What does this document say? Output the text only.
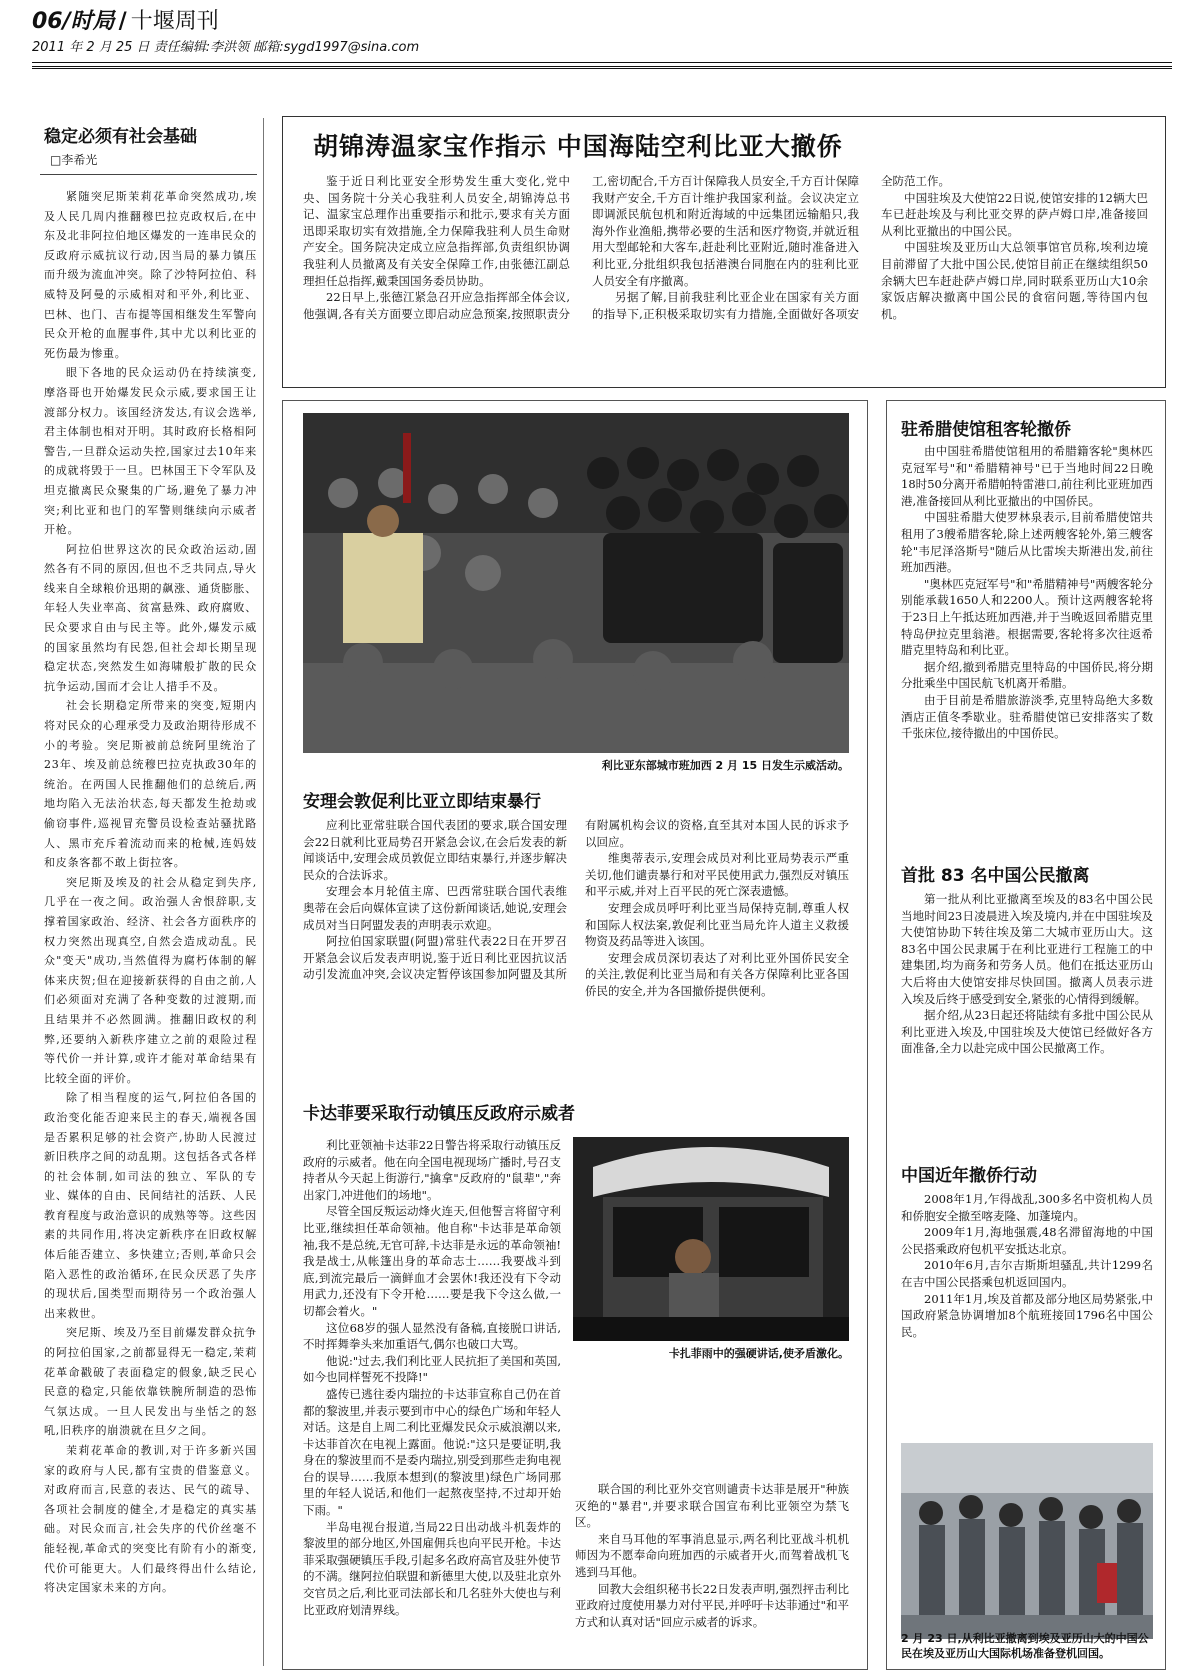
06/时局 / 十堰周刊
2011 年 2 月 25 日 责任编辑:李洪领 邮箱:sygd1997@sina.com
稳定必须有社会基础
□李希光

紧随突尼斯茉莉花革命突然成功,埃及人民几周内推翻穆巴拉克政权后,在中东及北非阿拉伯地区爆发的一连串民众的反政府示威抗议行动,因当局的暴力镇压而升级为流血冲突。除了沙特阿拉伯、科威特及阿曼的示威相对和平外,利比亚、巴林、也门、吉布提等国相继发生军警向民众开枪的血腥事件,其中尤以利比亚的死伤最为惨重。

眼下各地的民众运动仍在持续演变,摩洛哥也开始爆发民众示威,要求国王让渡部分权力。该国经济发达,有议会选举,君主体制也相对开明。其时政府长格相阿警告,一旦群众运动失控,国家过去10年来的成就将毁于一旦。巴林国王下令军队及坦克撤离民众聚集的广场,避免了暴力冲突;利比亚和也门的军警则继续向示威者开枪。

阿拉伯世界这次的民众政治运动,固然各有不同的原因,但也不乏共同点,导火线来自全球粮价迅期的飙涨、通货膨胀、年轻人失业率高、贫富悬殊、政府腐败、民众要求自由与民主等。此外,爆发示威的国家虽然均有民怨,但社会却长期呈现稳定状态,突然发生如海啸般扩散的民众抗争运动,国而才会让人措手不及。

社会长期稳定所带来的突变,短期内将对民众的心理承受力及政治期待形成不小的考验。突尼斯被前总统阿里统治了23年、埃及前总统穆巴拉克执政30年的统治。在两国人民推翻他们的总统后,两地均陷入无法治状态,每天都发生抢劫或偷窃事件,巡视冒充警员设检查站骚扰路人、黑市充斥着流动而来的枪械,连妈妓和皮条客都不敢上街拉客。

突尼斯及埃及的社会从稳定到失序,几乎在一夜之间。政治强人舍恨辞职,支撑着国家政治、经济、社会各方面秩序的权力突然出现真空,自然会造成动乱。民众"变天"成功,当然值得为腐朽体制的解体来庆贺;但在迎接新获得的自由之前,人们必须面对充满了各种变数的过渡期,而且结果并不必然圆满。推翻旧政权的利弊,还要纳入新秩序建立之前的艰险过程等代价一并计算,或许才能对革命结果有比较全面的评价。

除了相当程度的运气,阿拉伯各国的政治变化能否迎来民主的春天,端视各国是否累积足够的社会资产,协助人民渡过新旧秩序之间的动乱期。这包括各式各样的社会体制,如司法的独立、军队的专业、媒体的自由、民间结社的活跃、人民教育程度与政治意识的成熟等等。这些因素的共同作用,将决定新秩序在旧政权解体后能否建立、多快建立;否则,革命只会陷入恶性的政治循环,在民众厌恶了失序的现状后,国类型而期待另一个政治强人出来救世。

突尼斯、埃及乃至目前爆发群众抗争的阿拉伯国家,之前都显得无一稳定,茉莉花革命戳破了表面稳定的假象,缺乏民心民意的稳定,只能依靠铁腕所制造的恐怖气氛达成。一旦人民发出与坐恬之的怒吼,旧秩序的崩溃就在旦夕之间。

茉莉花革命的教训,对于许多新兴国家的政府与人民,都有宝贵的借鉴意义。对政府而言,民意的表达、民气的疏导、各项社会制度的健全,才是稳定的真实基础。对民众而言,社会失序的代价丝毫不能轻视,革命式的突变比有阶有小的渐变,代价可能更大。人们最终得出什么结论,将决定国家未来的方向。

胡锦涛温家宝作指示 中国海陆空利比亚大撤侨

鉴于近日利比亚安全形势发生重大变化,党中央、国务院十分关心我驻利人员安全,胡锦涛总书记、温家宝总理作出重要指示和批示,要求有关方面迅即采取切实有效措施,全力保障我驻利人员生命财产安全。国务院决定成立应急指挥部,负责组织协调我驻利人员撤离及有关安全保障工作,由张德江副总理担任总指挥,戴秉国国务委员协助。

22日早上,张德江紧急召开应急指挥部全体会议,他强调,各有关方面要立即启动应急预案,按照职责分工,密切配合,千方百计保障我人员安全,千方百计保障我财产安全,千方百计维护我国家利益。会议决定立即调派民航包机和附近海域的中远集团远输船只,我海外作业渔船,携带必要的生活和医疗物资,并就近租用大型邮轮和大客车,赶赴利比亚附近,随时准备进入利比亚,分批组织我包括港澳台同胞在内的驻利比亚人员安全有序撤离。

另据了解,目前我驻利比亚企业在国家有关方面的指导下,正积极采取切实有力措施,全面做好各项安全防范工作。

中国驻埃及大使馆22日说,使馆安排的12辆大巴车已赶赴埃及与利比亚交界的萨卢姆口岸,准备接回从利比亚撤出的中国公民。

中国驻埃及亚历山大总领事馆官员称,埃利边境目前滞留了大批中国公民,使馆目前正在继续组织50余辆大巴车赶赴萨卢姆口岸,同时联系亚历山大10余家饭店解决撤离中国公民的食宿问题,等待国内包机。

利比亚东部城市班加西 2 月 15 日发生示威活动。
安理会敦促利比亚立即结束暴行

应利比亚常驻联合国代表团的要求,联合国安理会22日就利比亚局势召开紧急会议,在会后发表的新闻谈话中,安理会成员敦促立即结束暴行,并逐步解决民众的合法诉求。

安理会本月轮值主席、巴西常驻联合国代表维奥蒂在会后向媒体宣读了这份新闻谈话,她说,安理会成员对当日阿盟发表的声明表示欢迎。

阿拉伯国家联盟(阿盟)常驻代表22日在开罗召开紧急会议后发表声明说,鉴于近日利比亚因抗议活动引发流血冲突,会议决定暂停该国参加阿盟及其所有附属机构会议的资格,直至其对本国人民的诉求予以回应。

维奥蒂表示,安理会成员对利比亚局势表示严重关切,他们谴责暴行和对平民使用武力,强烈反对镇压和平示威,并对上百平民的死亡深表遗憾。

安理会成员呼吁利比亚当局保持克制,尊重人权和国际人权法案,敦促利比亚当局允许人道主义救援物资及药品等进入该国。

安理会成员深切表达了对利比亚外国侨民安全的关注,敦促利比亚当局和有关各方保障利比亚各国侨民的安全,并为各国撤侨提供便利。

卡达菲要采取行动镇压反政府示威者

利比亚领袖卡达菲22日警告将采取行动镇压反政府的示威者。他在向全国电视现场广播时,号召支持者从今天起上街游行,"擒拿"反政府的"鼠辈","奔出家门,冲进他们的场地"。

尽管全国反叛运动烽火连天,但他誓言将留守利比亚,继续担任革命领袖。他自称"卡达菲是革命领袖,我不是总统,无官可辞,卡达菲是永远的革命领袖!我是战士,从帐篷出身的革命志士……我要战斗到底,到流完最后一滴鲜血才会罢休!我还没有下令动用武力,还没有下令开枪……要是我下令这么做,一切都会着火。"

这位68岁的强人显然没有备稿,直接脱口讲话,不时挥舞拳头来加重语气,偶尔也破口大骂。

他说:"过去,我们利比亚人民抗拒了美国和英国,如今也同样誓死不投降!"

盛传已逃往委内瑞拉的卡达菲宣称自己仍在首都的黎波里,并表示要到市中心的绿色广场和年轻人对话。这是自上周二利比亚爆发民众示威浪潮以来,卡达菲首次在电视上露面。他说:"这只是要证明,我身在的黎波里而不是委内瑞拉,别受到那些走狗电视台的误导……我原本想到(的黎波里)绿色广场同那里的年轻人说话,和他们一起熬夜坚持,不过却开始下雨。"

半岛电视台报道,当局22日出动战斗机轰炸的黎波里的部分地区,外国雇佣兵也向平民开枪。卡达菲采取强硬镇压手段,引起多名政府高官及驻外使节的不满。继阿拉伯联盟和新德里大使,以及驻北京外交官员之后,利比亚司法部长和几名驻外大使也与利比亚政府划清界线。

卡扎菲雨中的强硬讲话,使矛盾激化。

联合国的利比亚外交官则谴责卡达菲是展开"种族灭绝的"暴君",并要求联合国宣布利比亚领空为禁飞区。

来自马耳他的军事消息显示,两名利比亚战斗机机师因为不愿奉命向班加西的示威者开火,而驾着战机飞逃到马耳他。

回教大会组织秘书长22日发表声明,强烈抨击利比亚政府过度使用暴力对付平民,并呼吁卡达菲通过"和平方式和认真对话"回应示威者的诉求。

驻希腊使馆租客轮撤侨

由中国驻希腊使馆租用的希腊籍客轮"奥林匹克冠军号"和"希腊精神号"已于当地时间22日晚18时50分离开希腊帕特雷港口,前往利比亚班加西港,准备接回从利比亚撤出的中国侨民。

中国驻希腊大使罗林泉表示,目前希腊使馆共租用了3艘希腊客轮,除上述两艘客轮外,第三艘客轮"韦尼泽洛斯号"随后从比雷埃夫斯港出发,前往班加西港。

"奥林匹克冠军号"和"希腊精神号"两艘客轮分别能承载1650人和2200人。预计这两艘客轮将于23日上午抵达班加西港,并于当晚返回希腊克里特岛伊拉克里翁港。根据需要,客轮将多次往返希腊克里特岛和利比亚。

据介绍,撤到希腊克里特岛的中国侨民,将分期分批乘坐中国民航飞机离开希腊。

由于目前是希腊旅游淡季,克里特岛绝大多数酒店正值冬季歇业。驻希腊使馆已安排落实了数千张床位,接待撤出的中国侨民。

首批 83 名中国公民撤离

第一批从利比亚撤离至埃及的83名中国公民当地时间23日凌晨进入埃及境内,并在中国驻埃及大使馆协助下转往埃及第二大城市亚历山大。这83名中国公民隶属于在利比亚进行工程施工的中建集团,均为商务和劳务人员。他们在抵达亚历山大后将由大使馆安排尽快回国。撤离人员表示进入埃及后终于感受到安全,紧张的心情得到缓解。

据介绍,从23日起还将陆续有多批中国公民从利比亚进入埃及,中国驻埃及大使馆已经做好各方面准备,全力以赴完成中国公民撤离工作。

中国近年撤侨行动

2008年1月,乍得战乱,300多名中资机构人员和侨胞安全撤至喀麦隆、加蓬境内。

2009年1月,海地强震,48名滞留海地的中国公民搭乘政府包机平安抵达北京。

2010年6月,吉尔吉斯斯坦骚乱,共计1299名在吉中国公民搭乘包机返回国内。

2011年1月,埃及首都及部分地区局势紧张,中国政府紧急协调增加8个航班接回1796名中国公民。

2 月 23 日,从利比亚撤离到埃及亚历山大的中国公民在埃及亚历山大国际机场准备登机回国。
